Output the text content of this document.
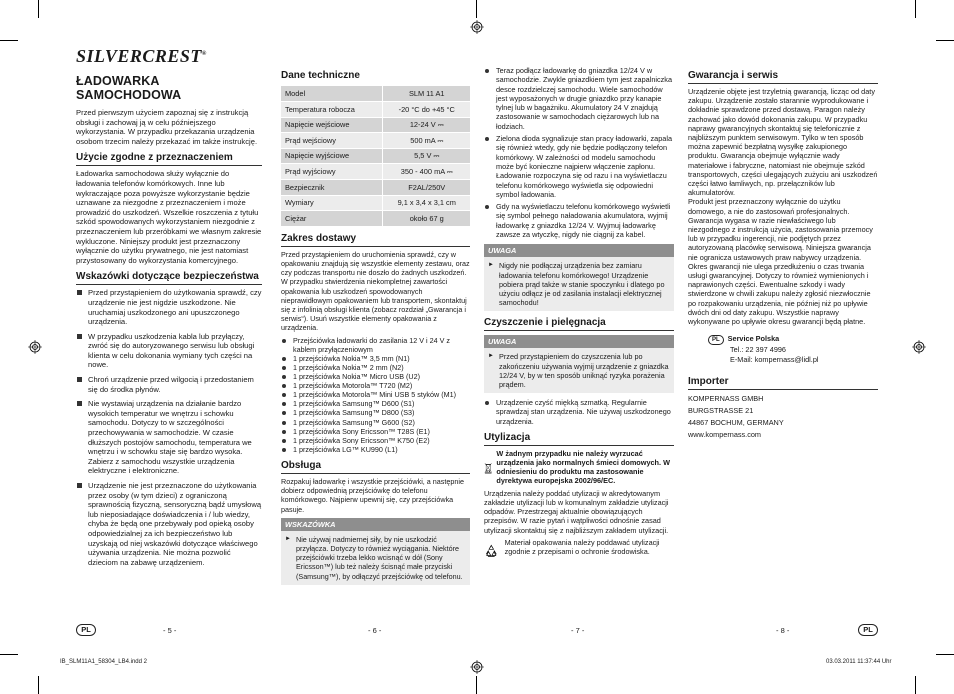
SILVERCREST®
ŁADOWARKA SAMOCHODOWA

Przed pierwszym użyciem zapoznaj się z instrukcją obsługi i zachowaj ją w celu późniejszego wykorzystania. W przypadku przekazania urządzenia osobom trzecim należy przekazać im także instrukcję.

Użycie zgodne z przeznaczeniem

Ładowarka samochodowa służy wyłącznie do ładowania telefonów komórkowych. Inne lub wykraczające poza powyższe wykorzystanie będzie uznawane za niezgodne z przeznaczeniem i może prowadzić do uszkodzeń. Wszelkie roszczenia z tytułu szkód spowodowanych wykorzystaniem niezgodnie z przeznaczeniem lub przeróbkami we własnym zakresie wykluczone. Niniejszy produkt jest przeznaczony wyłącznie do użytku prywatnego, nie jest natomiast przystosowany do wykorzystania komercyjnego.

Wskazówki dotyczące bezpieczeństwa
Przed przystąpieniem do użytkowania sprawdź, czy urządzenie nie jest nigdzie uszkodzone. Nie uruchamiaj uszkodzonego ani upuszczonego urządzenia.
W przypadku uszkodzenia kabla lub przyłączy, zwróć się do autoryzowanego serwisu lub obsługi klienta w celu dokonania wymiany tych części na nowe.
Chroń urządzenie przed wilgocią i przedostaniem się do środka płynów.
Nie wystawiaj urządzenia na działanie bardzo wysokich temperatur we wnętrzu i schowku samochodu. Dotyczy to w szczególności przechowywania w samochodzie. W czasie dłuższych postojów samochodu, temperatura we wnętrzu i w schowku staje się bardzo wysoka. Zabierz z samochodu wszystkie urządzenia elektryczne i elektroniczne.
Urządzenie nie jest przeznaczone do użytkowania przez osoby (w tym dzieci) z ograniczoną sprawnością fizyczną, sensoryczną bądź umysłową lub nieposiadające doświadczenia i / lub wiedzy, chyba że będą one przebywały pod opieką osoby odpowiedzialnej za ich bezpieczeństwo lub uzyskają od niej wskazówki dotyczące właściwego używania urządzenia. Nie można pozwolić dzieciom na zabawę urządzeniem.
Dane techniczne
Model	SLM 11 A1
Temperatura robocza	-20 °C do +45 °C
Napięcie wejściowe	12-24 V ⎓
Prąd wejściowy	500 mA ⎓
Napięcie wyjściowe	5,5 V ⎓
Prąd wyjściowy	350 - 400 mA ⎓
Bezpiecznik	F2AL/250V
Wymiary	9,1 x 3,4 x 3,1 cm
Ciężar	około 67 g
Zakres dostawy

Przed przystąpieniem do uruchomienia sprawdź, czy w opakowaniu znajdują się wszystkie elementy zestawu, oraz czy podczas transportu nie doszło do żadnych uszkodzeń. W przypadku stwierdzenia niekompletnej zawartości opakowania lub uszkodzeń spowodowanych nieprawidłowym opakowaniem lub transportem, skontaktuj się z infolinią obsługi klienta (zobacz rozdział „Gwarancja i serwis“). Usuń wszystkie elementy opakowania z urządzenia.

Przejściówka ładowarki do zasilania 12 V i 24 V z kablem przyłączeniowym
1 przejściówka Nokia™ 3,5 mm (N1)
1 przejściówka Nokia™ 2 mm (N2)
1 przejściówka Nokia™ Micro USB (U2)
1 przejściówka Motorola™ T720 (M2)
1 przejściówka Motorola™ Mini USB 5 styków (M1)
1 przejściówka Samsung™ D600 (S1)
1 przejściówka Samsung™ D800 (S3)
1 przejściówka Samsung™ G600 (S2)
1 przejściówka Sony Ericsson™ T28S (E1)
1 przejściówka Sony Ericsson™ K750 (E2)
1 przejściówka LG™ KU990 (L1)
Obsługa

Rozpakuj ładowarkę i wszystkie przejściówki, a następnie dobierz odpowiednią przejściówkę do telefonu komórkowego. Najpierw upewnij się, czy przejściówka pasuje.

WSKAZÓWKA
► Nie używaj nadmiernej siły, by nie uszkodzić przyłącza. Dotyczy to również wyciągania. Niektóre przejściówki trzeba lekko wcisnąć w dół (Sony Ericsson™) lub też należy ścisnąć małe przyciski (Samsung™), by odłączyć przejściówkę od telefonu.
Teraz podłącz ładowarkę do gniazdka 12/24 V w samochodzie. Zwykle gniazdkiem tym jest zapalniczka desce rozdzielczej samochodu. Wiele samochodów jest wyposażonych w drugie gniazdko przy kanapie tylnej lub w bagażniku. Akumulatory 24 V znajdują zastosowanie w samochodach ciężarowych lub na łodziach.
Zielona dioda sygnalizuje stan pracy ładowarki, zapala się również wtedy, gdy nie będzie podłączony telefon komórkowy. W zależności od modelu samochodu może być konieczne najpierw włączenie zapłonu. Ładowanie rozpoczyna się od razu i na wyświetlaczu telefonu komórkowego wyświetla się odpowiedni symbol ładowania.
Gdy na wyświetlaczu telefonu komórkowego wyświetli się symbol pełnego naładowania akumulatora, wyjmij ładowarkę z gniazdka 12/24 V. Wyjmuj ładowarkę zawsze za wtyczkę, nigdy nie ciągnij za kabel.
UWAGA
► Nigdy nie podłączaj urządzenia bez zamiaru ładowania telefonu komórkowego! Urządzenie pobiera prąd także w stanie spoczynku i dlatego po użyciu odłącz je od zasilania instalacji elektrycznej samochodu!
Czyszczenie i pielęgnacja
UWAGA
► Przed przystąpieniem do czyszczenia lub po zakończeniu używania wyjmij urządzenie z gniazdka 12/24 V, by w ten sposób uniknąć ryzyka porażenia prądem.
Urządzenie czyść miękką szmatką. Regularnie sprawdzaj stan urządzenia. Nie używaj uszkodzonego urządzenia.
Utylizacja
W żadnym przypadku nie należy wyrzucać urządzenia jako normalnych śmieci domowych. W odniesieniu do produktu ma zastosowanie dyrektywa europejska 2002/96/EC.

Urządzenia należy poddać utylizacji w akredytowanym zakładzie utylizacji lub w komunalnym zakładzie utylizacji odpadów. Przestrzegaj aktualnie obowiązujących przepisów. W razie pytań i wątpliwości odnośnie zasad utylizacji skontaktuj się z najbliższym zakładem utylizacji.

Materiał opakowania należy poddawać utylizacji zgodnie z przepisami o ochronie środowiska.
Gwarancja i serwis

Urządzenie objęte jest trzyletnią gwarancją, licząc od daty zakupu. Urządzenie zostało starannie wyprodukowane i dokładnie sprawdzone przed dostawą. Paragon należy zachować jako dowód dokonania zakupu. W przypadku naprawy gwarancyjnych skontaktuj się telefonicznie z najbliższym punktem serwisowym. Tylko w ten sposób można zapewnić bezpłatną wysyłkę zakupionego produktu. Gwarancja obejmuje wyłącznie wady materiałowe i fabryczne, natomiast nie obejmuje szkód transportowych, części ulegających zużyciu ani uszkodzeń części łatwo łamliwych, np. przełączników lub akumulatorów.

Produkt jest przeznaczony wyłącznie do użytku domowego, a nie do zastosowań profesjonalnych. Gwarancja wygasa w razie niewłaściwego lub niezgodnego z instrukcją użycia, zastosowania przemocy lub w przypadku ingerencji, nie podjętych przez autoryzowaną placówkę serwisową. Niniejsza gwarancja nie ogranicza ustawowych praw nabywcy urządzenia. Okres gwarancji nie ulega przedłużeniu o czas trwania usługi gwarancyjnej. Dotyczy to również wymienionych i naprawionych części. Ewentualne szkody i wady stwierdzone w chwili zakupu należy zgłosić niezwłocznie po rozpakowaniu urządzenia, nie później niż po upływie dwóch dni od daty zakupu. Wszystkie naprawy wykonywane po upływie okresu gwarancji będą płatne.

PL Service Polska
Tel.: 22 397 4996
E-Mail: kompernass@lidl.pl
Importer
KOMPERNASS GMBH
BURGSTRASSE 21
44867 BOCHUM, GERMANY
www.kompernass.com
PL	- 5 -	- 6 -	- 7 -	- 8 -	PL
IB_SLM11A1_58304_LB4.indd 2	03.03.2011 11:37:44 Uhr
